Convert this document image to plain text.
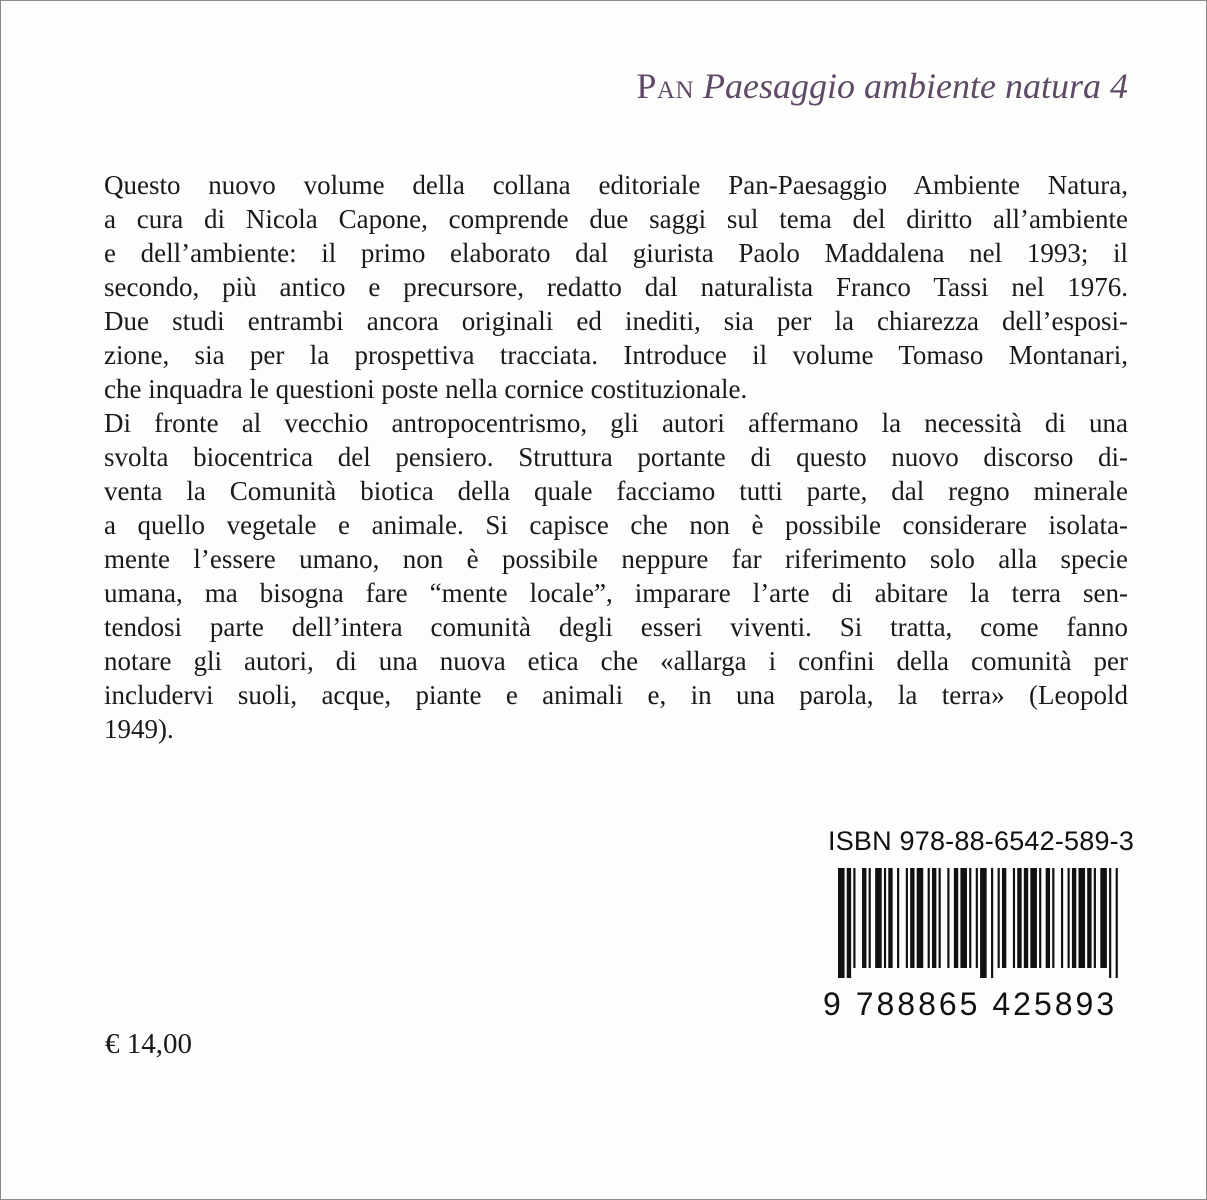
Pan Paesaggio ambiente natura 4
Questo nuovo volume della collana editoriale Pan-Paesaggio Ambiente Natura,
a cura di Nicola Capone, comprende due saggi sul tema del diritto all’ambiente
e dell’ambiente: il primo elaborato dal giurista Paolo Maddalena nel 1993; il
secondo, più antico e precursore, redatto dal naturalista Franco Tassi nel 1976.
Due studi entrambi ancora originali ed inediti, sia per la chiarezza dell’esposi-
zione, sia per la prospettiva tracciata. Introduce il volume Tomaso Montanari,
che inquadra le questioni poste nella cornice costituzionale.
Di fronte al vecchio antropocentrismo, gli autori affermano la necessità di una
svolta biocentrica del pensiero. Struttura portante di questo nuovo discorso di-
venta la Comunità biotica della quale facciamo tutti parte, dal regno minerale
a quello vegetale e animale. Si capisce che non è possibile considerare isolata-
mente l’essere umano, non è possibile neppure far riferimento solo alla specie
umana, ma bisogna fare “mente locale”, imparare l’arte di abitare la terra sen-
tendosi parte dell’intera comunità degli esseri viventi. Si tratta, come fanno
notare gli autori, di una nuova etica che «allarga i confini della comunità per
includervi suoli, acque, piante e animali e, in una parola, la terra» (Leopold
1949).
ISBN 978-88-6542-589-3
9 788865 425893
€ 14,00
